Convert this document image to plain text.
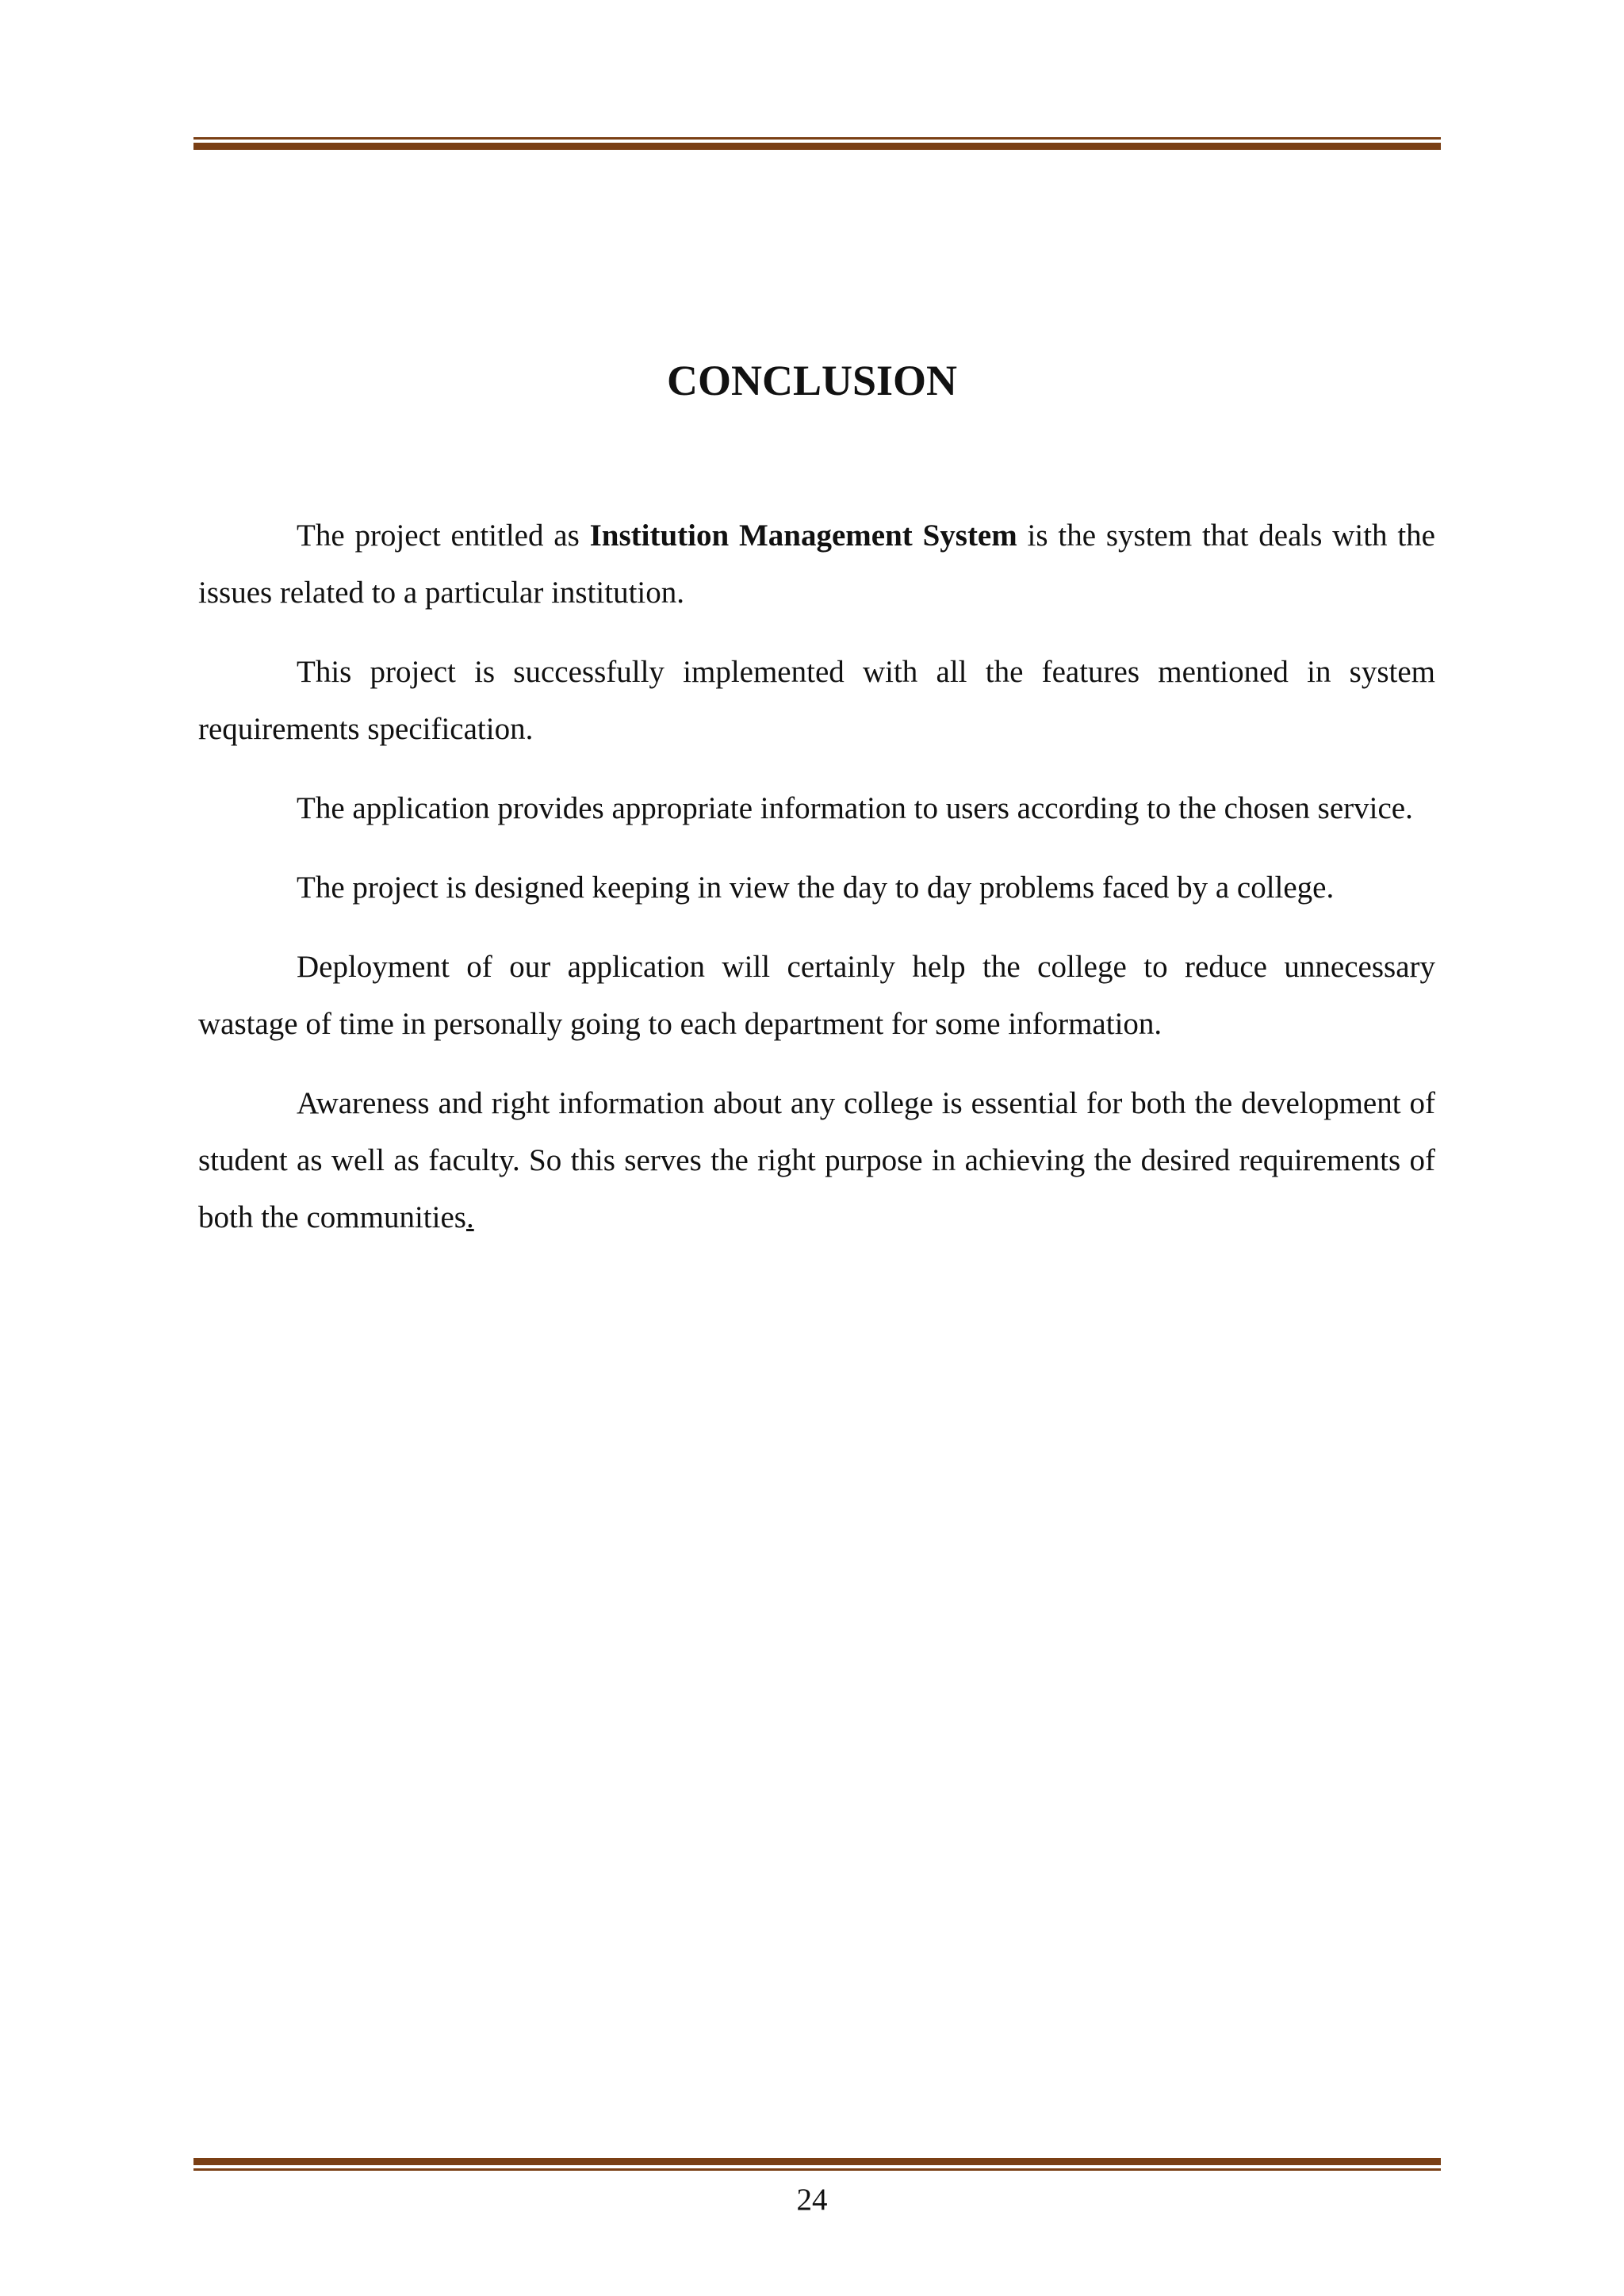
CONCLUSION

The project entitled as Institution Management System is the system that deals with the issues related to a particular institution.

This project is successfully implemented with all the features mentioned in system requirements specification.

The application provides appropriate information to users according to the chosen service.

The project is designed keeping in view the day to day problems faced by a college.

Deployment of our application will certainly help the college to reduce unnecessary wastage of time in personally going to each department for some information.

Awareness and right information about any college is essential for both the development of student as well as faculty. So this serves the right purpose in achieving the desired requirements of both the communities.

24
